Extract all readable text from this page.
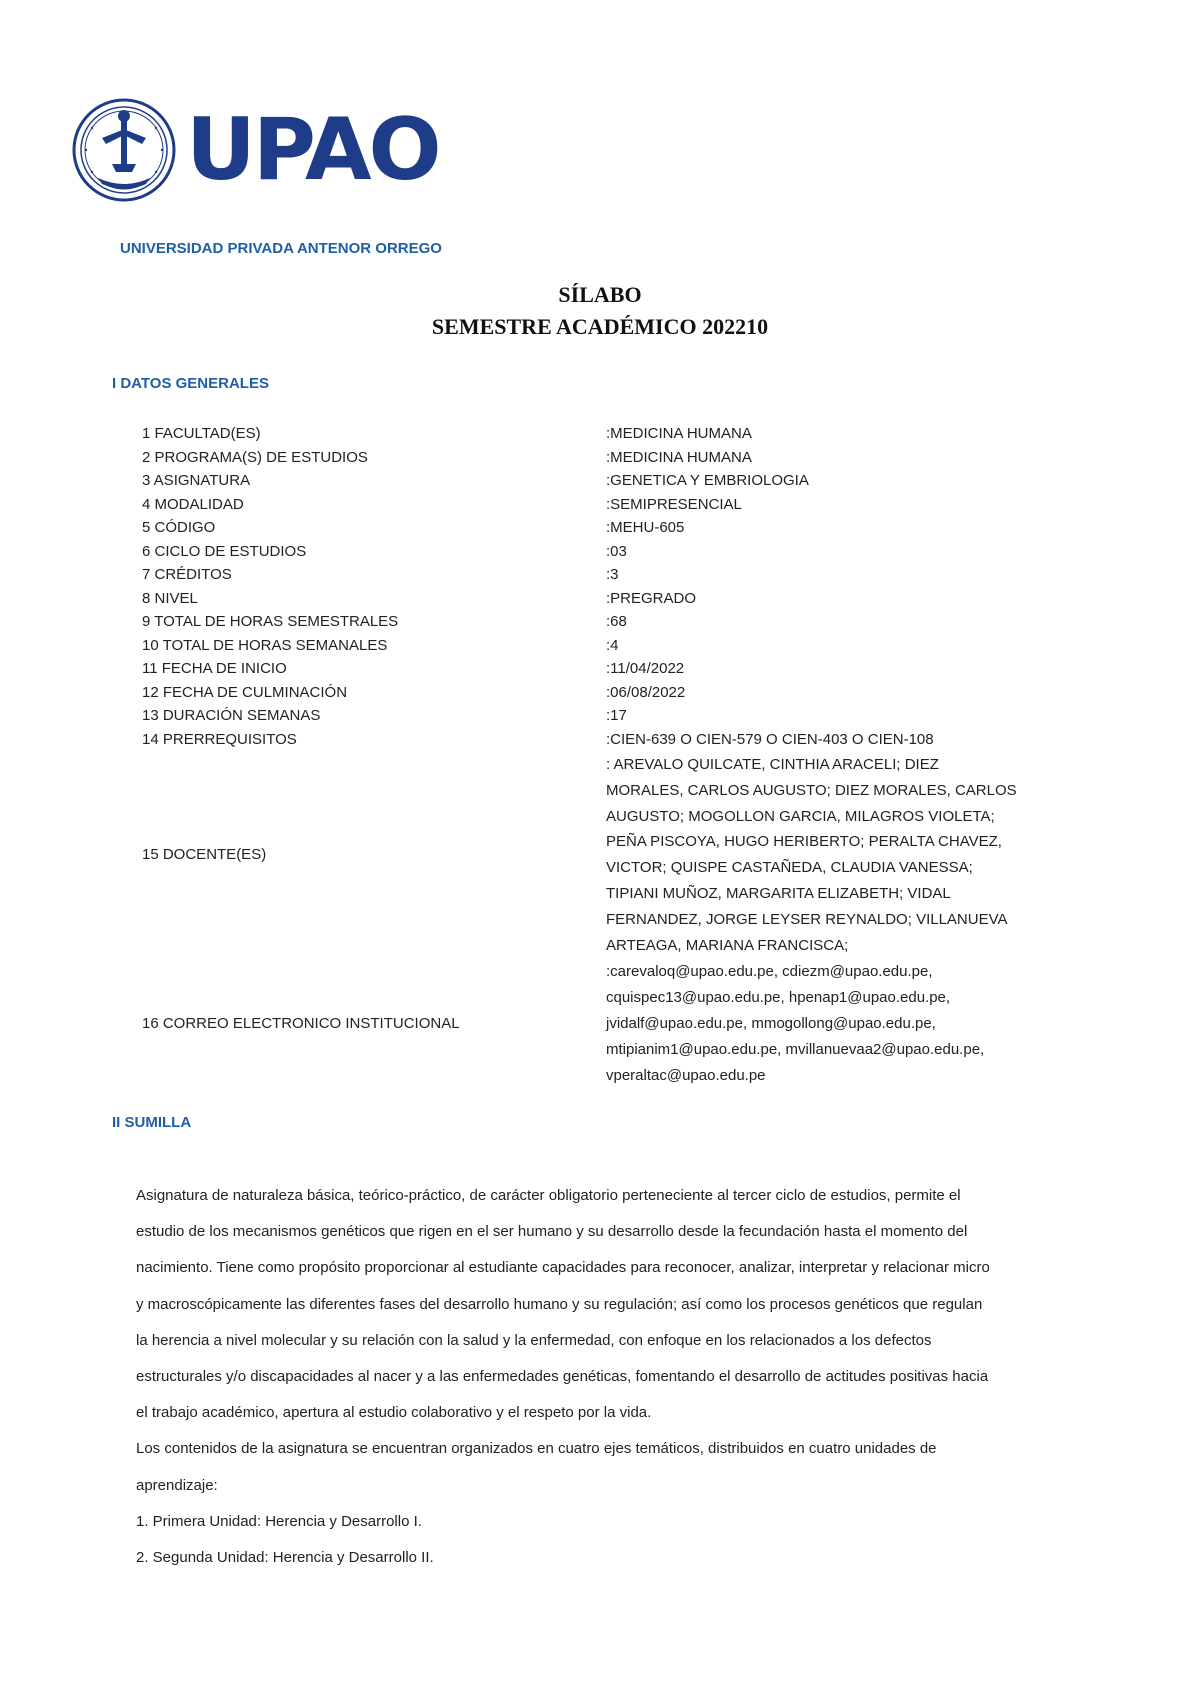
UPAO
UNIVERSIDAD PRIVADA ANTENOR ORREGO
SÍLABO
SEMESTRE ACADÉMICO 202210
I DATOS GENERALES
1 FACULTAD(ES)	:MEDICINA HUMANA
2 PROGRAMA(S) DE ESTUDIOS	:MEDICINA HUMANA
3 ASIGNATURA	:GENETICA Y EMBRIOLOGIA
4 MODALIDAD	:SEMIPRESENCIAL
5 CÓDIGO	:MEHU-605
6 CICLO DE ESTUDIOS	:03
7 CRÉDITOS	:3
8 NIVEL	:PREGRADO
9 TOTAL DE HORAS SEMESTRALES	:68
10 TOTAL DE HORAS SEMANALES	:4
11 FECHA DE INICIO	:11/04/2022
12 FECHA DE CULMINACIÓN	:06/08/2022
13 DURACIÓN SEMANAS	:17
14 PRERREQUISITOS	:CIEN-639 O CIEN-579 O CIEN-403 O CIEN-108
15 DOCENTE(ES)
: AREVALO QUILCATE, CINTHIA ARACELI; DIEZ
MORALES, CARLOS AUGUSTO; DIEZ MORALES, CARLOS
AUGUSTO; MOGOLLON GARCIA, MILAGROS VIOLETA;
PEÑA PISCOYA, HUGO HERIBERTO; PERALTA CHAVEZ,
VICTOR; QUISPE CASTAÑEDA, CLAUDIA VANESSA;
TIPIANI MUÑOZ, MARGARITA ELIZABETH; VIDAL
FERNANDEZ, JORGE LEYSER REYNALDO; VILLANUEVA
ARTEAGA, MARIANA FRANCISCA;
16 CORREO ELECTRONICO INSTITUCIONAL
:carevaloq@upao.edu.pe, cdiezm@upao.edu.pe,
cquispec13@upao.edu.pe, hpenap1@upao.edu.pe,
jvidalf@upao.edu.pe, mmogollong@upao.edu.pe,
mtipianim1@upao.edu.pe, mvillanuevaa2@upao.edu.pe,
vperaltac@upao.edu.pe
II SUMILLA

Asignatura de naturaleza básica, teórico-práctico, de carácter obligatorio perteneciente al tercer ciclo de estudios, permite el

estudio de los mecanismos genéticos que rigen en el ser humano y su desarrollo desde la fecundación hasta el momento del

nacimiento. Tiene como propósito proporcionar al estudiante capacidades para reconocer, analizar, interpretar y relacionar micro

y macroscópicamente las diferentes fases del desarrollo humano y su regulación; así como los procesos genéticos que regulan

la herencia a nivel molecular y su relación con la salud y la enfermedad, con enfoque en los relacionados a los defectos

estructurales y/o discapacidades al nacer y a las enfermedades genéticas, fomentando el desarrollo de actitudes positivas hacia

el trabajo académico, apertura al estudio colaborativo y el respeto por la vida.

Los contenidos de la asignatura se encuentran organizados en cuatro ejes temáticos, distribuidos en cuatro unidades de

aprendizaje:

1. Primera Unidad: Herencia y Desarrollo I.

2. Segunda Unidad: Herencia y Desarrollo II.
